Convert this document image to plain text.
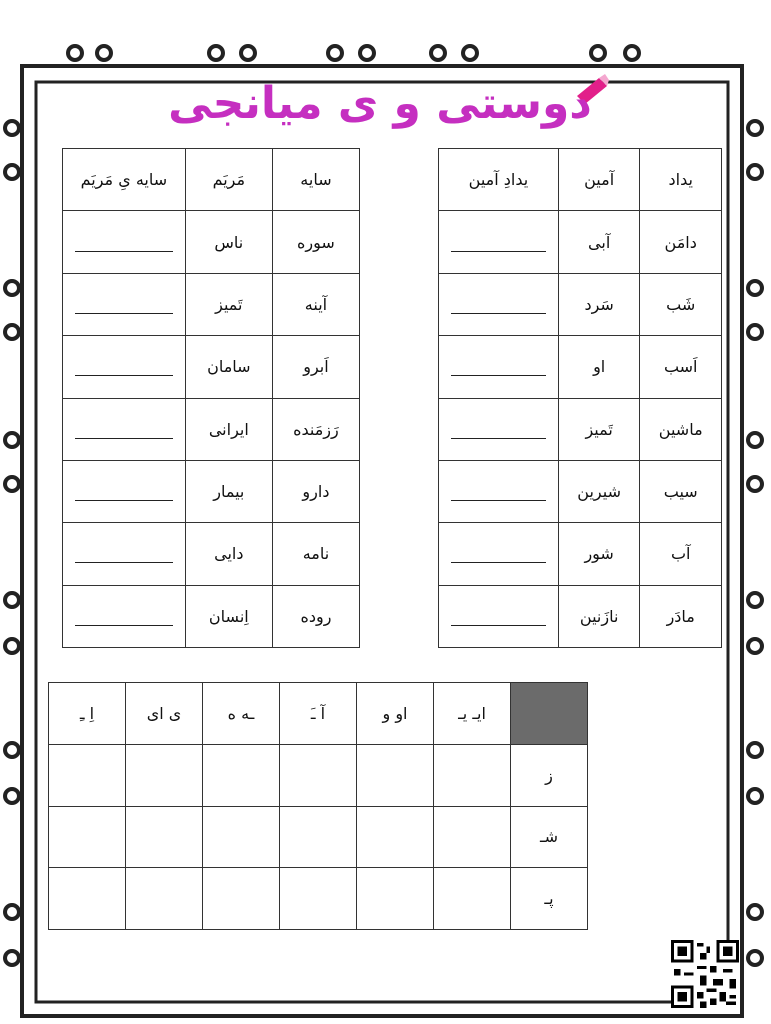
دوستی و ی میانجی
یداد	آمین	یدادِ آمین
دامَن	آبی	
شَب	سَرد	
اَسب	او	
ماشین	تَمیز	
سیب	شیرین	
آب	شور	
مادَر	نازَنین	
سایه	مَریَم	سایه یِ مَریَم
سوره	ناس	
آینه	تَمیز	
اَبرو	سامان	
رَزمَنده	ایرانی	
دارو	بیمار	
نامه	دایی	
روده	اِنسان	
	ایـ یـ	او و	آ ـَ	ـه ه	ی ای	اِ ـِ
ز						
شـ						
پـ						
